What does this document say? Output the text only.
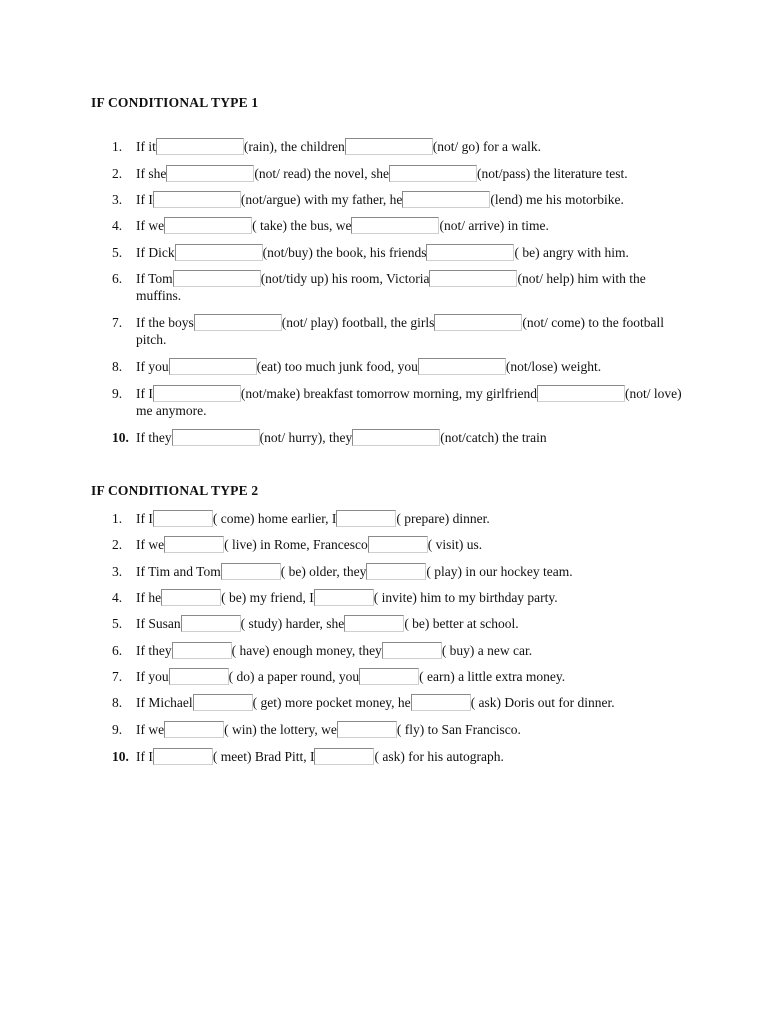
IF CONDITIONAL TYPE 1
1.	If it	(rain), the children	(not/ go) for a walk.
2.	If she	(not/ read) the novel, she	(not/pass) the literature test.
3.	If I	(not/argue) with my father, he	(lend) me his motorbike.
4.	If we	( take) the bus, we	(not/ arrive) in time.
5.	If Dick	(not/buy) the book, his friends	( be) angry with him.
6.	If Tom	(not/tidy up) his room, Victoria	(not/ help) him with the muffins.
7.	If the boys	(not/ play) football, the girls	(not/ come) to the football pitch.
8.	If you	(eat) too much junk food, you	(not/lose) weight.
9.	If I	(not/make) breakfast tomorrow morning, my girlfriend	(not/ love) me anymore.
10. If they	(not/ hurry), they	(not/catch) the train
IF CONDITIONAL TYPE 2
1.	If I	( come) home earlier, I	( prepare) dinner.
2.	If we	( live) in Rome, Francesco	( visit) us.
3.	If Tim and Tom	( be) older, they	( play) in our hockey team.
4.	If he	( be) my friend, I	( invite) him to my birthday party.
5.	If Susan	( study) harder, she	( be) better at school.
6.	If they	( have) enough money, they	( buy) a new car.
7.	If you	( do) a paper round, you	( earn) a little extra money.
8.	If Michael	( get) more pocket money, he	( ask) Doris out for dinner.
9.	If we	( win) the lottery, we	( fly) to San Francisco.
10. If I	( meet) Brad Pitt, I	( ask) for his autograph.
